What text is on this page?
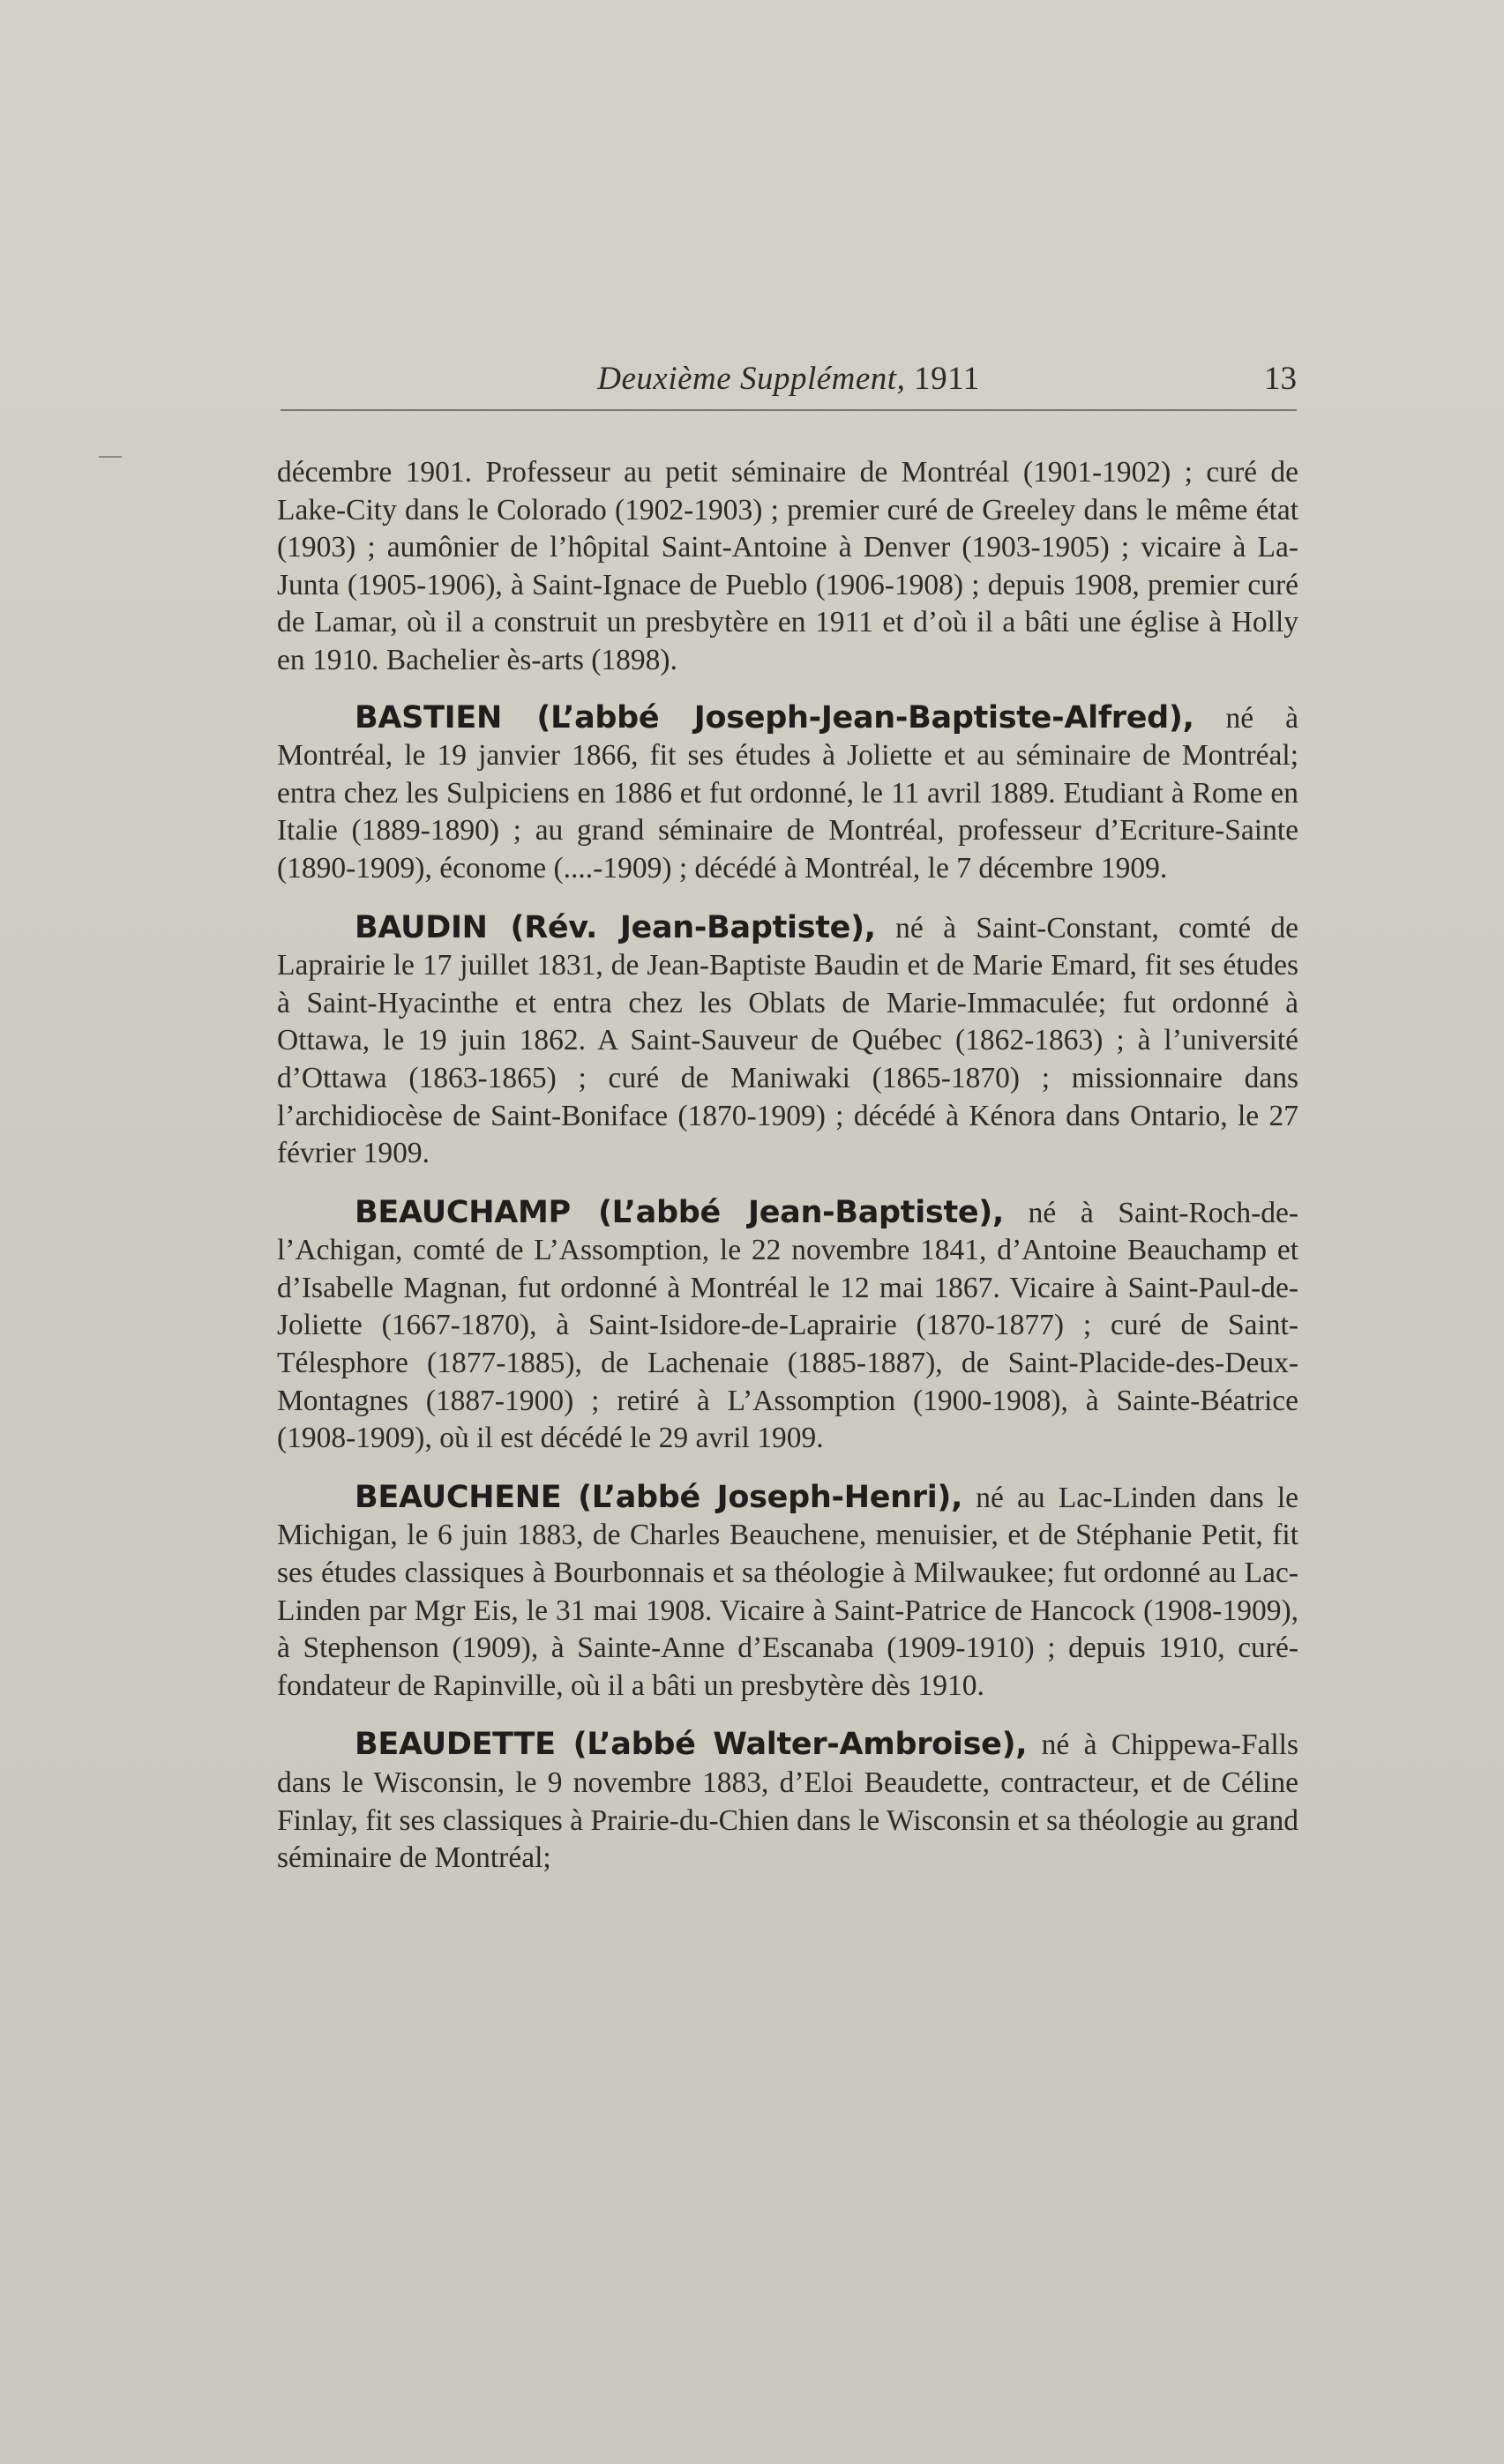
Deuxième Supplément, 1911	13

décembre 1901. Professeur au petit séminaire de Montréal (1901-1902) ; curé de Lake-City dans le Colorado (1902-1903) ; premier curé de Greeley dans le même état (1903) ; aumônier de l’hôpital Saint-Antoine à Denver (1903-1905) ; vicaire à La-Junta (1905-1906), à Saint-Ignace de Pueblo (1906-1908) ; depuis 1908, premier curé de Lamar, où il a construit un presbytère en 1911 et d’où il a bâti une église à Holly en 1910. Bachelier ès-arts (1898).

BASTIEN (L’abbé Joseph-Jean-Baptiste-Alfred), né à Montréal, le 19 janvier 1866, fit ses études à Joliette et au séminaire de Montréal; entra chez les Sulpiciens en 1886 et fut ordonné, le 11 avril 1889. Etudiant à Rome en Italie (1889-1890) ; au grand séminaire de Montréal, professeur d’Ecriture-Sainte (1890-1909), économe (....-1909) ; décédé à Montréal, le 7 décembre 1909.

BAUDIN (Rév. Jean-Baptiste), né à Saint-Constant, comté de Laprairie le 17 juillet 1831, de Jean-Baptiste Baudin et de Marie Emard, fit ses études à Saint-Hyacinthe et entra chez les Oblats de Marie-Immaculée; fut ordonné à Ottawa, le 19 juin 1862. A Saint-Sauveur de Québec (1862-1863) ; à l’université d’Ottawa (1863-1865) ; curé de Maniwaki (1865-1870) ; missionnaire dans l’archidiocèse de Saint-Boniface (1870-1909) ; décédé à Kénora dans Ontario, le 27 février 1909.

BEAUCHAMP (L’abbé Jean-Baptiste), né à Saint-Roch-de-l’Achigan, comté de L’Assomption, le 22 novembre 1841, d’Antoine Beauchamp et d’Isabelle Magnan, fut ordonné à Montréal le 12 mai 1867. Vicaire à Saint-Paul-de-Joliette (1667-1870), à Saint-Isidore-de-Laprairie (1870-1877) ; curé de Saint-Télesphore (1877-1885), de Lachenaie (1885-1887), de Saint-Placide-des-Deux-Montagnes (1887-1900) ; retiré à L’Assomption (1900-1908), à Sainte-Béatrice (1908-1909), où il est décédé le 29 avril 1909.

BEAUCHENE (L’abbé Joseph-Henri), né au Lac-Linden dans le Michigan, le 6 juin 1883, de Charles Beauchene, menuisier, et de Stéphanie Petit, fit ses études classiques à Bourbonnais et sa théologie à Milwaukee; fut ordonné au Lac-Linden par Mgr Eis, le 31 mai 1908. Vicaire à Saint-Patrice de Hancock (1908-1909), à Stephenson (1909), à Sainte-Anne d’Escanaba (1909-1910) ; depuis 1910, curé-fondateur de Rapinville, où il a bâti un presbytère dès 1910.

BEAUDETTE (L’abbé Walter-Ambroise), né à Chippewa-Falls dans le Wisconsin, le 9 novembre 1883, d’Eloi Beaudette, contracteur, et de Céline Finlay, fit ses classiques à Prairie-du-Chien dans le Wisconsin et sa théologie au grand séminaire de Montréal;
